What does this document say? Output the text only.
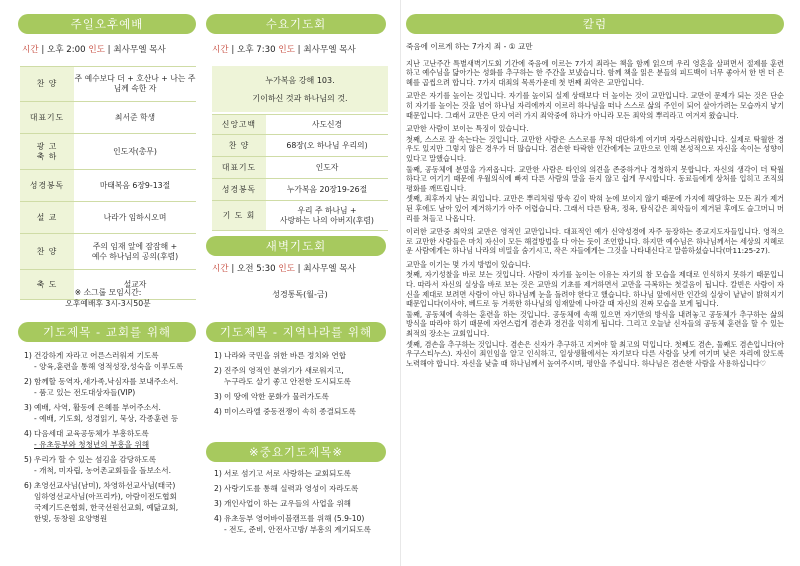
주일오후예배
시간 | 오후 2:00 인도 | 최사무엘 목사
찬 양	주 예수보다 더 + 호산나 + 나는 주님께 속한 자
대표기도	최서준 학생
광 고
축 하	인도자(총무)
성경봉독	마태복음 6장9-13절
설 교	나라가 임하시오며
찬 양	주의 임재 앞에 잠잠해 +
예수 하나님의 공의(후렴)
축 도	설교자
※ 소그룹 모임시간:
오후예배후 3시-3시50분
수요기도회
시간 | 오후 7:30 인도 | 최사무엘 목사
누가복음 강해 103.
기이하신 것과 하나님의 것.
신앙고백	사도신경
찬 양	68장(오 하나님 우리의)
대표기도	인도자
성경봉독	누가복음 20장19-26절
기 도 회	우리 주 하나님 +
사랑하는 나의 아버지(후렴)
새벽기도회
시간 | 오전 5:30 인도 | 최사무엘 목사
성경통독(월-금)
기도제목 - 교회를 위해
1) 건강하게 자라고 어른스러워져 기도록
- 양육,훈련을 통해 영적성장,성숙을 이루도록
2) 함께할 동역자,새가족,낙심자를 보내주소서.
- 품고 있는 전도대상자들(VIP)
3) 예배, 사역, 활동에 은혜를 부어주소서.
- 예배, 기도회, 성경읽기, 묵상, 각종훈련 등
4) 다음세대 교육공동체가 부흥하도록
- 유초등부와 청청년의 부흥을 위해
5) 우리가 할 수 있는 섬김을 감당하도록
- 개척, 미자립, 농어촌교회들을 돌보소서.
6) 초영선교사님(남미), 차영하선교사님(태국)
임하영선교사님(아프리카), 아람이전도협회
국제기드온협회, 한국선원선교회, 예닮교회,
한빛, 동창원 요양병원
기도제목 - 지역나라를 위해
1) 나라와 국민을 위한 바른 정치와 연합
2) 진주의 영적인 분위기가 새로워지고,
누구라도 살기 좋고 안전한 도시되도록
3) 이 땅에 악한 문화가 물러가도록
4) 미이스라엘 중동전쟁이 속히 종결되도록
※중요기도제목※
1) 서로 섬기고 서로 사랑하는 교회되도록
2) 사랑기도를 통해 실력과 영성이 자라도록
3) 개인사업이 하는 교우들의 사업을 위해
4) 유초등부 영어바이블캠프를 위해 (5.9-10)
- 전도, 준비, 안전사고방/ 부흥의 계기되도록
칼럼

죽음에 이르게 하는 7가지 죄 - ① 교만

지난 고난주간 특별새벽기도회 기간에 죽음에 이르는 7가지 죄라는 책을 함께 읽으며 우리 영혼을 살펴면서 절제를 훈련하고 예수님을 닮아가는 성화를 추구하는 한 주간을 보냈습니다. 함께 책을 읽은 분들의 피드백이 너무 좋아서 한 번 더 은혜를 곱씹으려 합니다. 7가지 대죄의 목록가운데 첫 번째 죄악은 교만입니다.

교만은 자기를 높이는 것입니다. 자기를 높이되 실제 상태보다 더 높이는 것이 교만입니다. 교만이 문제가 되는 것은 단순히 자기를 높이는 것을 넘어 하나님 자리에까지 이르러 하나님을 떠나 스스로 삶의 주인이 되어 살아가려는 모습까지 낳기 때문입니다. 그래서 교만은 단지 여러 가지 죄악중에 하나가 아니라 모든 죄악의 뿌리라고 여겨져 왔습니다.

교만한 사람이 보이는 특징이 있습니다.

첫째, 스스로 잘 속는다는 것입니다. 교만한 사람은 스스로를 무척 대단하게 여기며 자랑스러워합니다. 실제로 탁월한 경우도 있지만 그렇지 않은 경우가 더 많습니다. 겸손한 타락한 인간에게는 교만으로 인해 본성적으로 자신을 속이는 성향이 있다고 말했습니다.

둘째, 공동체에 분열을 가져옵니다. 교만한 사람은 타인의 의견을 존중하거나 경청하지 못합니다. 자신의 생각이 더 탁월하다고 여기기 때문에 우월의식에 빠져 다른 사람의 말을 듣지 않고 쉽게 무시합니다. 동료들에게 상처를 입히고 조직의 평화를 깨뜨립니다.

셋째, 죄후까지 남는 죄입니다. 교만은 뿌리처럼 땅속 깊이 박혀 눈에 보이지 않기 때문에 가지에 해당하는 모든 죄가 제거된 후에도 남아 있어 제거하기가 아주 어렵습니다. 그래서 다른 탐욕, 정욕, 탐식같은 죄악들이 제거된 후에도 슬그머니 머리를 쳐들고 나옵니다.

이러한 교만중 최악의 교만은 영적인 교만입니다. 대표적인 예가 신약성경에 자주 등장하는 종교지도자들입니다. 영적으로 교만한 사람들은 마치 자신이 모든 해결방법을 다 아는 듯이 조언합니다. 하지만 예수님은 하나님께서는 세상의 지혜로운 사람에게는 하나님 나라의 비밀을 숨기시고, 작은 자들에게는 그것을 나타내신다고 말씀하셨습니다(마11:25-27).

교만을 이기는 몇 가지 방법이 있습니다.

첫째, 자기성찰을 바로 보는 것입니다. 사람이 자기를 높이는 이유는 자기의 참 모습을 제대로 인식하지 못하기 때문입니다. 따라서 자신의 실상을 바로 보는 것은 교만의 기초를 제거하면서 교만을 극복하는 첫걸음이 됩니다. 칼빈은 사람이 자신을 제대로 보려면 사람이 아닌 하나님께 눈을 돌려야 한다고 했습니다. 하나님 앞에서만 인간의 실상이 낱낱이 밝혀지기 때문입니다(이사야, 베드로 등 거룩한 하나님의 임재앞에 나아갈 때 자신의 진짜 모습을 보게 됩니다.

둘째, 공동체에 속하는 훈련을 하는 것입니다. 공동체에 속해 있으면 자기만의 방식을 내려놓고 공동체가 추구하는 삶의 방식을 따라야 하기 때문에 자연스럽게 겸손과 경건을 익히게 됩니다. 그리고 오늘날 신자들의 공동체 훈련을 할 수 있는 최적의 장소는 교회입니다.

셋째, 겸손을 추구하는 것입니다. 겸손은 신자가 추구하고 지켜야 할 최고의 덕입니다. 첫째도 겸손, 둘째도 겸손입니다(아우구스티누스). 자신이 죄인임을 알고 인식하고, 일상생활에서는 자기보다 다른 사람을 낫게 여기며 낮은 자리에 앉도록 노력해야 합니다. 자신을 낮출 때 하나님께서 높여주시며, 평안을 주십니다. 하나님은 겸손한 사람을 사용하십니다♡
